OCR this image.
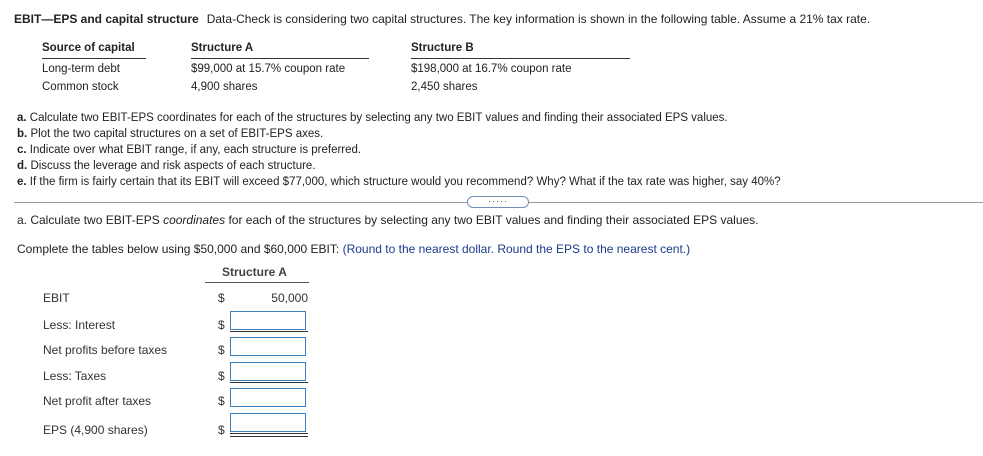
EBIT—EPS and capital structure Data-Check is considering two capital structures. The key information is shown in the following table. Assume a 21% tax rate.
Source of capital	Structure A	Structure B
Long-term debt	$99,000 at 15.7% coupon rate	$198,000 at 16.7% coupon rate
Common stock	4,900 shares	2,450 shares
a. Calculate two EBIT-EPS coordinates for each of the structures by selecting any two EBIT values and finding their associated EPS values.
b. Plot the two capital structures on a set of EBIT-EPS axes.
c. Indicate over what EBIT range, if any, each structure is preferred.
d. Discuss the leverage and risk aspects of each structure.
e. If the firm is fairly certain that its EBIT will exceed $77,000, which structure would you recommend? Why? What if the tax rate was higher, say 40%?
·····
a. Calculate two EBIT-EPS coordinates for each of the structures by selecting any two EBIT values and finding their associated EPS values.
Complete the tables below using $50,000 and $60,000 EBIT: (Round to the nearest dollar. Round the EPS to the nearest cent.)
Structure A
EBIT	$	50,000
Less: Interest	$
Net profits before taxes	$
Less: Taxes	$
Net profit after taxes	$
EPS (4,900 shares)	$
